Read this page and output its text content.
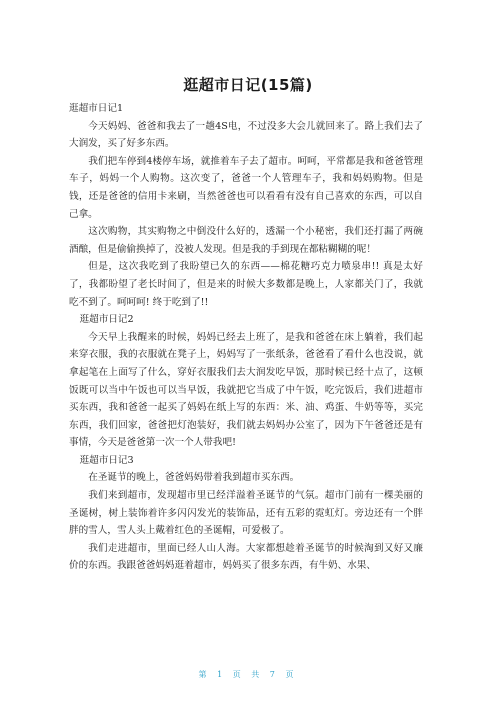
逛超市日记(15篇)

逛超市日记1

今天妈妈、爸爸和我去了一趟4S电，不过没多大会儿就回来了。路上我们去了大润发，买了好多东西。

我们把车停到4楼停车场，就推着车子去了超市。呵呵，平常都是我和爸爸管理车子，妈妈一个人购物。这次变了，爸爸一个人管理车子，我和妈妈购物。但是钱，还是爸爸的信用卡来刷，当然爸爸也可以看看有没有自己喜欢的东西，可以自己拿。

这次购物，其实购物之中倒没什么好的，透漏一个小秘密，我们还打漏了两碗酒酿，但是偷偷换掉了，没被人发现。但是我的手到现在都粘糊糊的呢！

但是，这次我吃到了我盼望已久的东西——棉花糖巧克力喷泉串!! 真是太好了，我都盼望了老长时间了，但是来的时候大多数都是晚上，人家都关门了，我就吃不到了。呵呵呵! 终于吃到了!!

逛超市日记2

今天早上我醒来的时候，妈妈已经去上班了，是我和爸爸在床上躺着，我们起来穿衣服，我的衣服就在凳子上，妈妈写了一张纸条，爸爸看了看什么也没说，就拿起笔在上面写了什么，穿好衣服我们去大润发吃早饭，那时候已经十点了，这顿饭既可以当中午饭也可以当早饭，我就把它当成了中午饭，吃完饭后，我们进超市买东西，我和爸爸一起买了妈妈在纸上写的东西：米、油、鸡蛋、牛奶等等，买完东西，我们回家，爸爸把灯泡装好，我们就去妈妈办公室了，因为下午爸爸还是有事情，今天是爸爸第一次一个人带我吧!

逛超市日记3

在圣诞节的晚上，爸爸妈妈带着我到超市买东西。

我们来到超市，发现超市里已经洋溢着圣诞节的气氛。超市门前有一棵美丽的圣诞树，树上装饰着许多闪闪发光的装饰品，还有五彩的霓虹灯。旁边还有一个胖胖的雪人，雪人头上戴着红色的圣诞帽，可爱极了。

我们走进超市，里面已经人山人海。大家都想趁着圣诞节的时候淘到又好又廉价的东西。我跟爸爸妈妈逛着超市，妈妈买了很多东西，有牛奶、水果、

第 1 页 共 7 页
